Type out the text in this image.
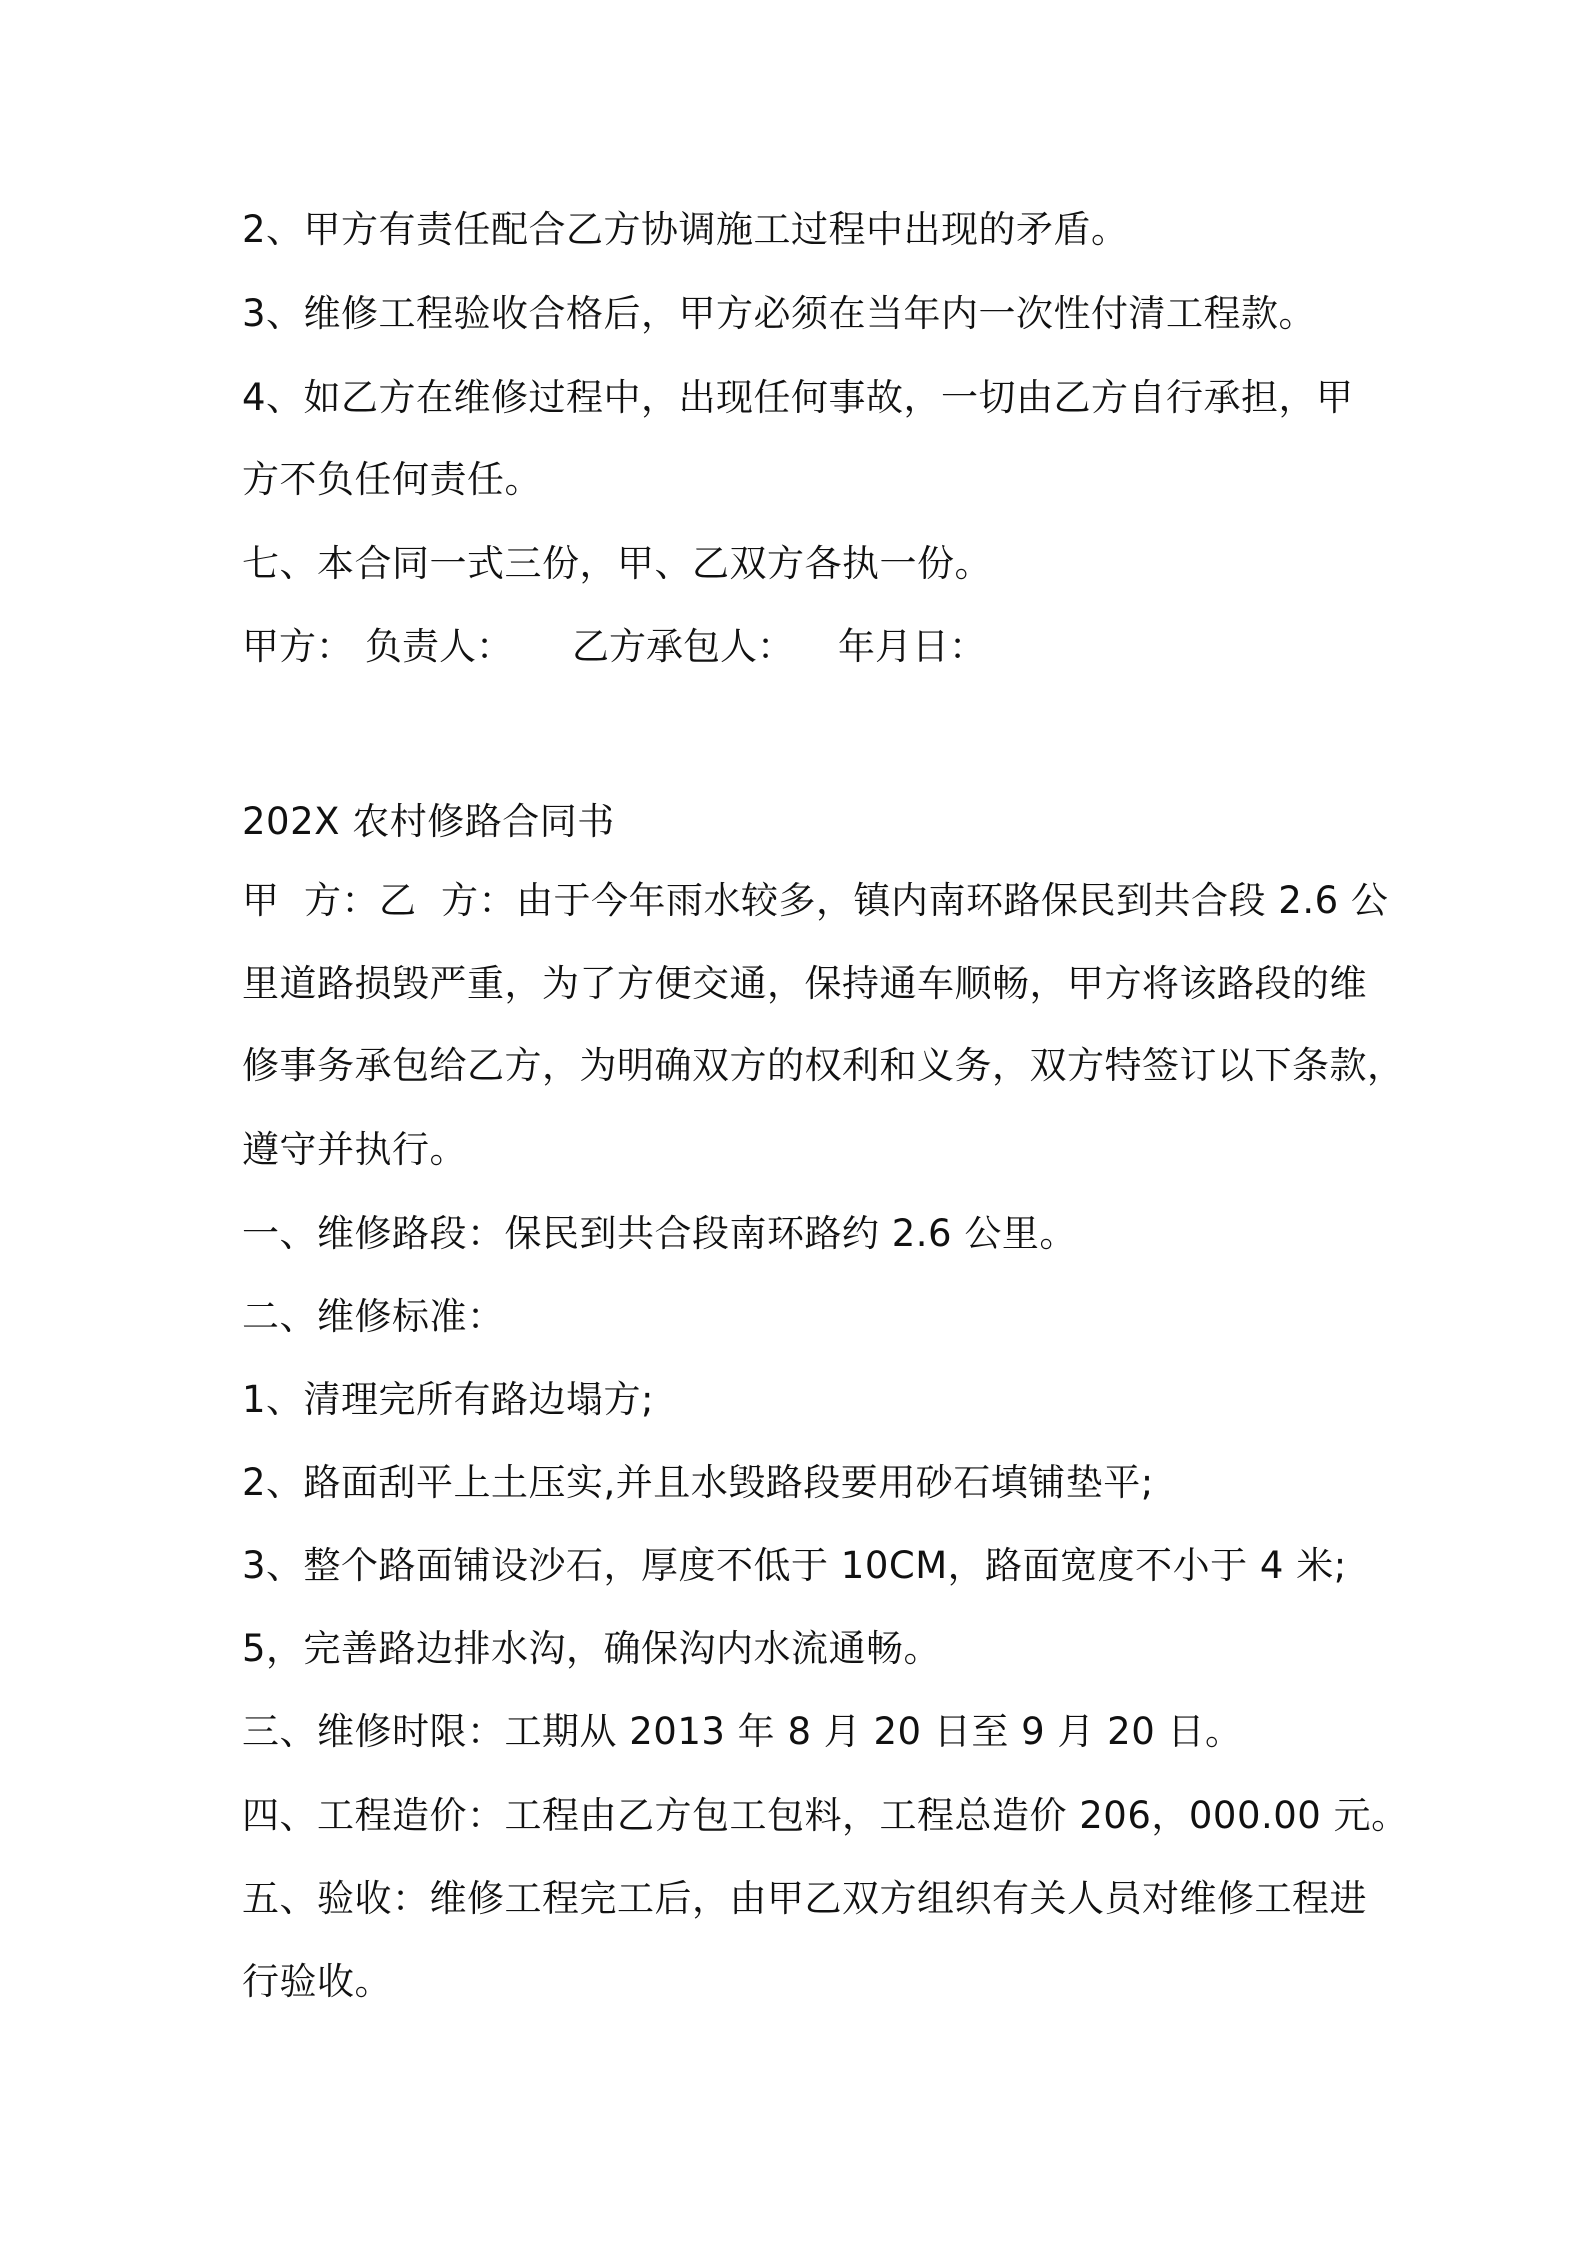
2、甲方有责任配合乙方协调施工过程中出现的矛盾。
3、维修工程验收合格后，甲方必须在当年内一次性付清工程款。
4、如乙方在维修过程中，出现任何事故，一切由乙方自行承担，甲
方不负任何责任。
七、本合同一式三份，甲、乙双方各执一份。
甲方： 负责人： 乙方承包人： 年月日：
202X 农村修路合同书
甲  方：乙  方：由于今年雨水较多，镇内南环路保民到共合段 2.6 公
里道路损毁严重，为了方便交通，保持通车顺畅，甲方将该路段的维
修事务承包给乙方，为明确双方的权利和义务，双方特签订以下条款，
遵守并执行。
一、维修路段：保民到共合段南环路约 2.6 公里。
二、维修标准：
1、清理完所有路边塌方;
2、路面刮平上土压实,并且水毁路段要用砂石填铺垫平;
3、整个路面铺设沙石，厚度不低于 10CM，路面宽度不小于 4 米;
5，完善路边排水沟，确保沟内水流通畅。
三、维修时限：工期从 2013 年 8 月 20 日至 9 月 20 日。
四、工程造价：工程由乙方包工包料，工程总造价 206，000.00 元。
五、验收：维修工程完工后，由甲乙双方组织有关人员对维修工程进
行验收。
